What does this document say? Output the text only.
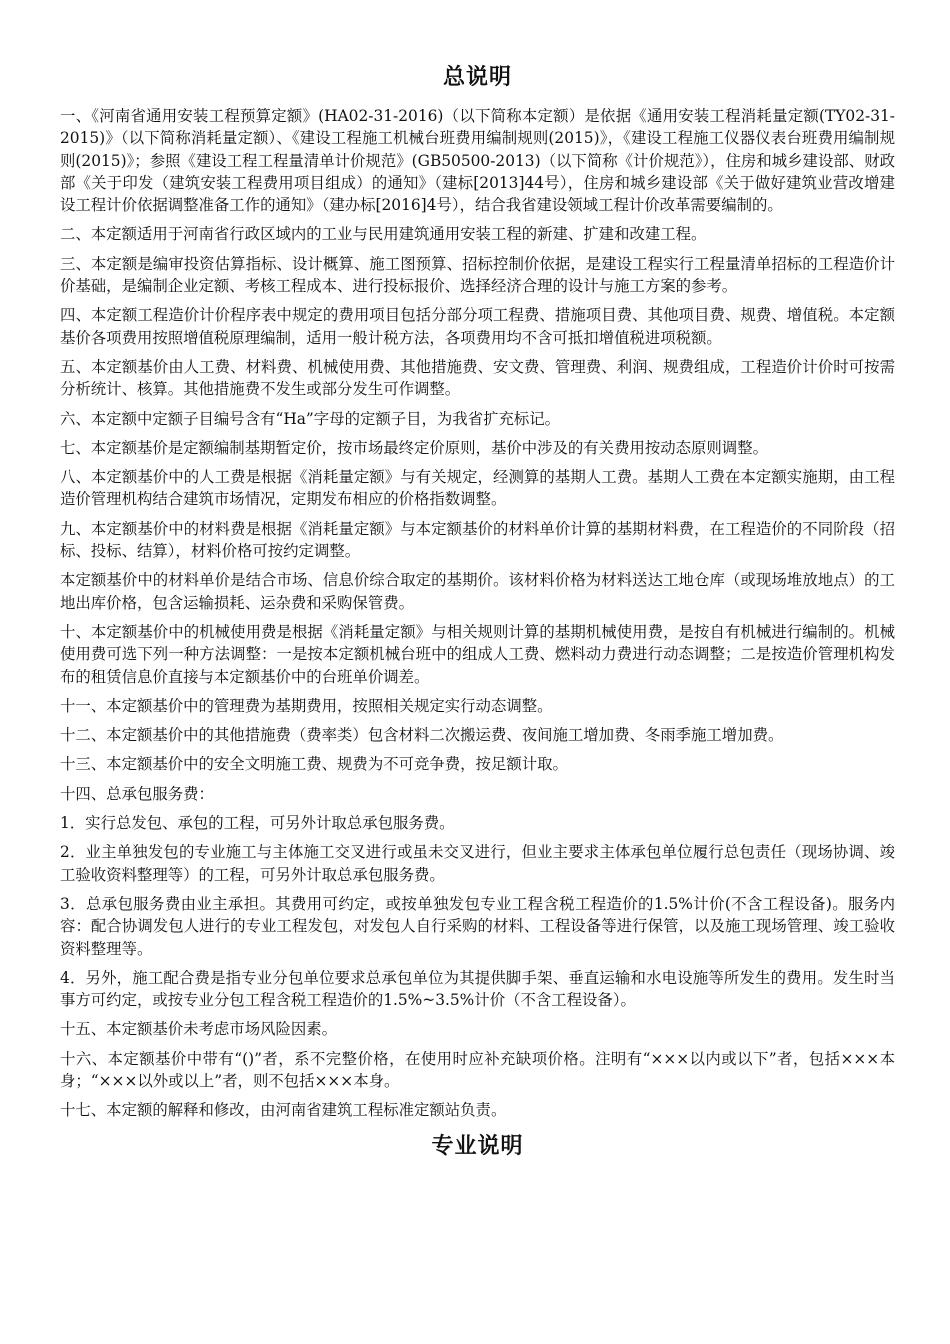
总说明

一、《河南省通用安装工程预算定额》(HA02-31-2016)（以下简称本定额）是依据《通用安装工程消耗量定额(TY02-31-2015)》（以下简称消耗量定额）、《建设工程施工机械台班费用编制规则(2015)》，《建设工程施工仪器仪表台班费用编制规则(2015)》；参照《建设工程工程量清单计价规范》(GB50500-2013)（以下简称《计价规范》），住房和城乡建设部、财政部《关于印发（建筑安装工程费用项目组成）的通知》（建标[2013]44号），住房和城乡建设部《关于做好建筑业营改增建设工程计价依据调整准备工作的通知》（建办标[2016]4号），结合我省建设领域工程计价改革需要编制的。

二、本定额适用于河南省行政区域内的工业与民用建筑通用安装工程的新建、扩建和改建工程。

三、本定额是编审投资估算指标、设计概算、施工图预算、招标控制价依据，是建设工程实行工程量清单招标的工程造价计价基础，是编制企业定额、考核工程成本、进行投标报价、选择经济合理的设计与施工方案的参考。

四、本定额工程造价计价程序表中规定的费用项目包括分部分项工程费、措施项目费、其他项目费、规费、增值税。本定额基价各项费用按照增值税原理编制，适用一般计税方法，各项费用均不含可抵扣增值税进项税额。

五、本定额基价由人工费、材料费、机械使用费、其他措施费、安文费、管理费、利润、规费组成，工程造价计价时可按需分析统计、核算。其他措施费不发生或部分发生可作调整。

六、本定额中定额子目编号含有“Ha”字母的定额子目，为我省扩充标记。

七、本定额基价是定额编制基期暂定价，按市场最终定价原则，基价中涉及的有关费用按动态原则调整。

八、本定额基价中的人工费是根据《消耗量定额》与有关规定，经测算的基期人工费。基期人工费在本定额实施期，由工程造价管理机构结合建筑市场情况，定期发布相应的价格指数调整。

九、本定额基价中的材料费是根据《消耗量定额》与本定额基价的材料单价计算的基期材料费，在工程造价的不同阶段（招标、投标、结算），材料价格可按约定调整。

本定额基价中的材料单价是结合市场、信息价综合取定的基期价。该材料价格为材料送达工地仓库（或现场堆放地点）的工地出库价格，包含运输损耗、运杂费和采购保管费。

十、本定额基价中的机械使用费是根据《消耗量定额》与相关规则计算的基期机械使用费，是按自有机械进行编制的。机械使用费可选下列一种方法调整：一是按本定额机械台班中的组成人工费、燃料动力费进行动态调整；二是按造价管理机构发布的租赁信息价直接与本定额基价中的台班单价调差。

十一、本定额基价中的管理费为基期费用，按照相关规定实行动态调整。

十二、本定额基价中的其他措施费（费率类）包含材料二次搬运费、夜间施工增加费、冬雨季施工增加费。

十三、本定额基价中的安全文明施工费、规费为不可竞争费，按足额计取。

十四、总承包服务费：

1．实行总发包、承包的工程，可另外计取总承包服务费。

2．业主单独发包的专业施工与主体施工交叉进行或虽未交叉进行，但业主要求主体承包单位履行总包责任（现场协调、竣工验收资料整理等）的工程，可另外计取总承包服务费。

3．总承包服务费由业主承担。其费用可约定，或按单独发包专业工程含税工程造价的1.5%计价(不含工程设备)。服务内容：配合协调发包人进行的专业工程发包，对发包人自行采购的材料、工程设备等进行保管，以及施工现场管理、竣工验收资料整理等。

4．另外，施工配合费是指专业分包单位要求总承包单位为其提供脚手架、垂直运输和水电设施等所发生的费用。发生时当事方可约定，或按专业分包工程含税工程造价的1.5%~3.5%计价（不含工程设备）。

十五、本定额基价未考虑市场风险因素。

十六、本定额基价中带有“()”者，系不完整价格，在使用时应补充缺项价格。注明有“×××以内或以下”者，包括×××本身；“×××以外或以上”者，则不包括×××本身。

十七、本定额的解释和修改，由河南省建筑工程标准定额站负责。

专业说明
